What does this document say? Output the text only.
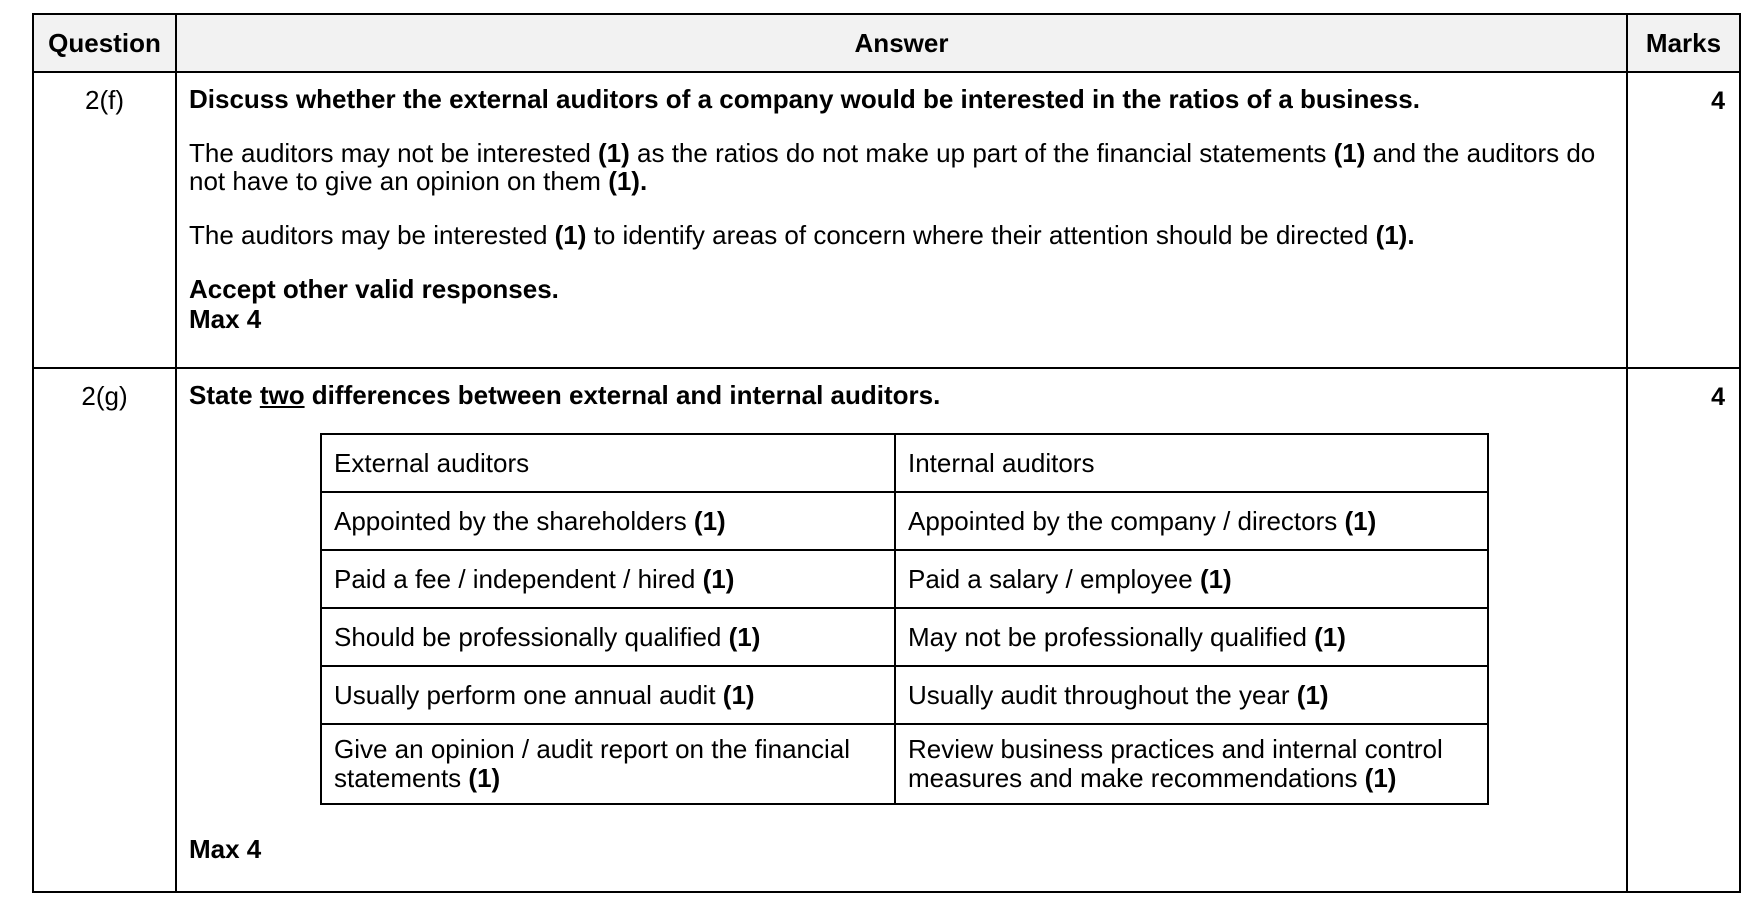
Question	Answer	Marks
2(f)	Discuss whether the external auditors of a company would be interested in the ratios of a business.

The auditors may not be interested (1) as the ratios do not make up part of the financial statements (1) and the auditors do not have to give an opinion on them (1).

The auditors may be interested (1) to identify areas of concern where their attention should be directed (1).

Accept other valid responses.

Max 4

	4
2(g)	State two differences between external and internal auditors.

External auditors	Internal auditors
Appointed by the shareholders (1)	Appointed by the company / directors (1)
Paid a fee / independent / hired (1)	Paid a salary / employee (1)
Should be professionally qualified (1)	May not be professionally qualified (1)
Usually perform one annual audit (1)	Usually audit throughout the year (1)
Give an opinion / audit report on the financial statements (1)	Review business practices and internal control measures and make recommendations (1)

Max 4

	4
